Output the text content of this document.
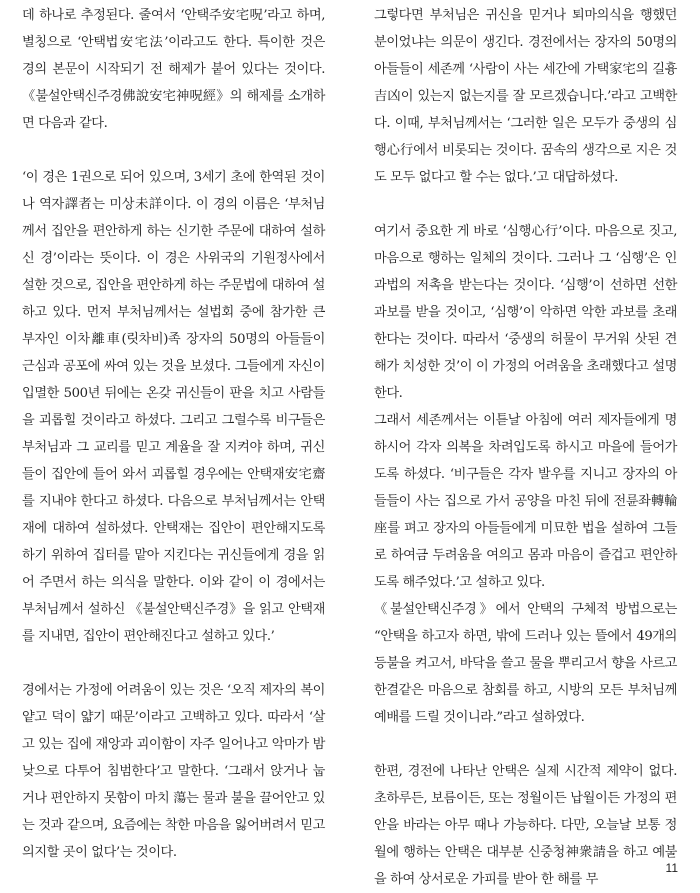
데 하나로 추정된다. 줄여서 ‘안택주安宅呪’라고 하며, 별칭으로 ‘안택법安宅法’이라고도 한다. 특이한 것은 경의 본문이 시작되기 전 해제가 붙어 있다는 것이다. 《불설안택신주경佛說安宅神呪經》의 해제를 소개하면 다음과 같다.

‘이 경은 1권으로 되어 있으며, 3세기 초에 한역된 것이나 역자譯者는 미상未詳이다. 이 경의 이름은 ‘부처님께서 집안을 편안하게 하는 신기한 주문에 대하여 설하신 경’이라는 뜻이다. 이 경은 사위국의 기원정사에서 설한 것으로, 집안을 편안하게 하는 주문법에 대하여 설하고 있다. 먼저 부처님께서는 설법회 중에 참가한 큰 부자인 이차離車(릿차비)족 장자의 50명의 아들들이 근심과 공포에 싸여 있는 것을 보셨다. 그들에게 자신이 입멸한 500년 뒤에는 온갖 귀신들이 판을 치고 사람들을 괴롭힐 것이라고 하셨다. 그리고 그럴수록 비구들은 부처님과 그 교리를 믿고 계율을 잘 지켜야 하며, 귀신들이 집안에 들어 와서 괴롭힐 경우에는 안택재安宅齋를 지내야 한다고 하셨다. 다음으로 부처님께서는 안택재에 대하여 설하셨다. 안택재는 집안이 편안해지도록 하기 위하여 집터를 맡아 지킨다는 귀신들에게 경을 읽어 주면서 하는 의식을 말한다. 이와 같이 이 경에서는 부처님께서 설하신 《불설안택신주경》을 읽고 안택재를 지내면, 집안이 편안해진다고 설하고 있다.’

경에서는 가정에 어려움이 있는 것은 ‘오직 제자의 복이 얕고 덕이 얇기 때문’이라고 고백하고 있다. 따라서 ‘살고 있는 집에 재앙과 괴이함이 자주 일어나고 악마가 밤낮으로 다투어 침범한다’고 말한다. ‘그래서 앉거나 눕거나 편안하지 못함이 마치 蕩는 물과 불을 끌어안고 있는 것과 같으며, 요즘에는 착한 마음을 잃어버려서 믿고 의지할 곳이 없다’는 것이다.

그렇다면 부처님은 귀신을 믿거나 퇴마의식을 행했던 분이었냐는 의문이 생긴다. 경전에서는 장자의 50명의 아들들이 세존께 ‘사람이 사는 세간에 가택家宅의 길흉吉凶이 있는지 없는지를 잘 모르겠습니다.’라고 고백한다. 이때, 부처님께서는 ‘그러한 일은 모두가 중생의 심행心行에서 비롯되는 것이다. 꿈속의 생각으로 지은 것도 모두 없다고 할 수는 없다.’고 대답하셨다.

여기서 중요한 게 바로 ‘심행心行’이다. 마음으로 짓고, 마음으로 행하는 일체의 것이다. 그러나 그 ‘심행’은 인과법의 저촉을 받는다는 것이다. ‘심행’이 선하면 선한 과보를 받을 것이고, ‘심행’이 악하면 악한 과보를 초래한다는 것이다. 따라서 ‘중생의 허물이 무거워 삿된 견해가 치성한 것’이 이 가정의 어려움을 초래했다고 설명한다.

그래서 세존께서는 이튿날 아침에 여러 제자들에게 명하시어 각자 의복을 차려입도록 하시고 마을에 들어가도록 하셨다. ‘비구들은 각자 발우를 지니고 장자의 아들들이 사는 집으로 가서 공양을 마친 뒤에 전륜좌轉輪座를 펴고 장자의 아들들에게 미묘한 법을 설하여 그들로 하여금 두려움을 여의고 몸과 마음이 즐겁고 편안하도록 해주었다.’고 설하고 있다.

《불설안택신주경》에서 안택의 구체적 방법으로는 “안택을 하고자 하면, 밖에 드러나 있는 뜰에서 49개의 등불을 켜고서, 바닥을 쓸고 물을 뿌리고서 향을 사르고 한결같은 마음으로 참회를 하고, 시방의 모든 부처님께 예배를 드릴 것이니라.”라고 설하였다.

한편, 경전에 나타난 안택은 실제 시간적 제약이 없다. 초하루든, 보름이든, 또는 정월이든 납월이든 가정의 편안을 바라는 아무 때나 가능하다. 다만, 오늘날 보통 정월에 행하는 안택은 대부분 신중청神衆請을 하고 예불을 하여 상서로운 가피를 받아 한 해를 무

11
